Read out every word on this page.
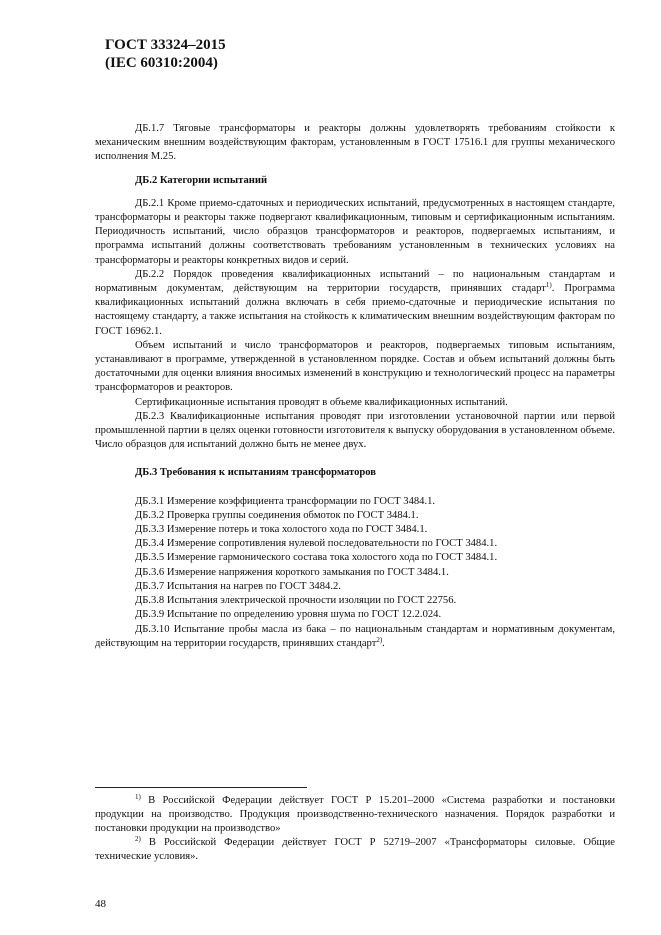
ГОСТ 33324–2015
(IEC 60310:2004)

ДБ.1.7 Тяговые трансформаторы и реакторы должны удовлетворять требованиям стойкости к механическим внешним воздействующим факторам, установленным в ГОСТ 17516.1 для группы механического исполнения М.25.

ДБ.2 Категории испытаний

ДБ.2.1 Кроме приемо-сдаточных и периодических испытаний, предусмотренных в настоящем стандарте, трансформаторы и реакторы также подвергают квалификационным, типовым и сертификационным испытаниям. Периодичность испытаний, число образцов трансформаторов и реакторов, подвергаемых испытаниям, и программа испытаний должны соответствовать требованиям установленным в технических условиях на трансформаторы и реакторы конкретных видов и серий.

ДБ.2.2 Порядок проведения квалификационных испытаний – по национальным стандартам и нормативным документам, действующим на территории государств, принявших стадарт$^{1)}$. Программа квалификационных испытаний должна включать в себя приемо-сдаточные и периодические испытания по настоящему стандарту, а также испытания на стойкость к климатическим внешним воздействующим факторам по ГОСТ 16962.1.

Объем испытаний и число трансформаторов и реакторов, подвергаемых типовым испытаниям, устанавливают в программе, утвержденной в установленном порядке. Состав и объем испытаний должны быть достаточными для оценки влияния вносимых изменений в конструкцию и технологический процесс на параметры трансформаторов и реакторов.

Сертификационные испытания проводят в объеме квалификационных испытаний.

ДБ.2.3 Квалификационные испытания проводят при изготовлении установочной партии или первой промышленной партии в целях оценки готовности изготовителя к выпуску оборудования в установленном объеме. Число образцов для испытаний должно быть не менее двух.

ДБ.3 Требования к испытаниям трансформаторов

ДБ.3.1 Измерение коэффициента трансформации по ГОСТ 3484.1.

ДБ.3.2 Проверка группы соединения обмоток по ГОСТ 3484.1.

ДБ.3.3 Измерение потерь и тока холостого хода по ГОСТ 3484.1.

ДБ.3.4 Измерение сопротивления нулевой последовательности по ГОСТ 3484.1.

ДБ.3.5 Измерение гармонического состава тока холостого хода по ГОСТ 3484.1.

ДБ.3.6 Измерение напряжения короткого замыкания по ГОСТ 3484.1.

ДБ.3.7 Испытания на нагрев по ГОСТ 3484.2.

ДБ.3.8 Испытания электрической прочности изоляции по ГОСТ 22756.

ДБ.3.9 Испытание по определению уровня шума по ГОСТ 12.2.024.

ДБ.3.10 Испытание пробы масла из бака – по национальным стандартам и нормативным документам, действующим на территории государств, принявших стандарт$^{2)}$.

$^{1)}$ В Российской Федерации действует ГОСТ Р 15.201–2000 «Система разработки и постановки продукции на производство. Продукция производственно-технического назначения. Порядок разработки и постановки продукции на производство»

$^{2)}$ В Российской Федерации действует ГОСТ Р 52719–2007 «Трансформаторы силовые. Общие технические условия».

48
